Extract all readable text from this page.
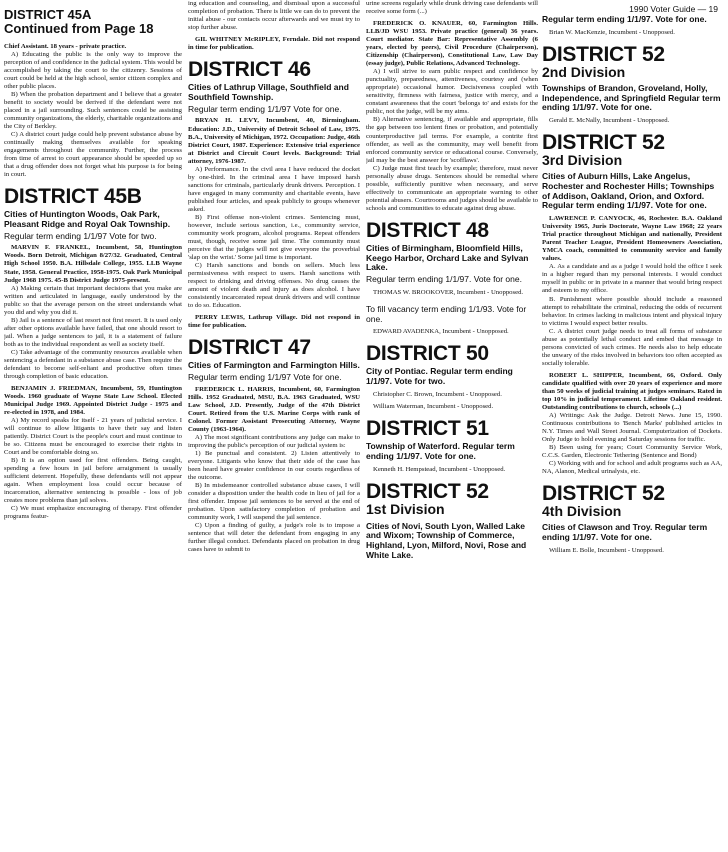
DISTRICT 45A
Continued from Page 18

Chief Assistant. 18 years - private practice.

A) Educating the public is the only way to improve the perception of and confidence in the judicial system. This would be accomplished by taking the court to the citizenry. Sessions of court could be held at the high school, senior citizen complex and other public places.

B) When the probation department and I believe that a greater benefit to society would be derived if the defendant were not placed in a jail surrounding. Such sentences could be assisting community organizations, the elderly, charitable organizations and the City of Berkley.

C) A district court judge could help prevent substance abuse by continually making themselves available for speaking engagements throughout the community. Further, the process from time of arrest to court appearance should be speeded up so that a drug offender does not forget what his purpose is for being in court.

DISTRICT 45B
Cities of Huntington Woods, Oak Park, Pleasant Ridge and Royal Oak Township.
Regular term ending 1/1/97 Vote for two.

MARVIN F. FRANKEL, Incumbent, 58, Huntington Woods. Born Detroit, Michigan 8/27/32. Graduated, Central High School 1950. B.A. Hillsdale College, 1955. LLB Wayne State, 1958. General Practice, 1958-1975. Oak Park Municipal Judge 1968 1975. 45-B District Judge 1975-present.

A) Making certain that important decisions that you make are written and articulated in language, easily understood by the public so that the average person on the street understands what you did and why you did it.

B) Jail is a sentence of last resort not first resort. It is used only after other options available have failed, that one should resort to jail. When a judge sentences to jail, it is a statement of failure both as to the individual respondent as well as society itself.

C) Take advantage of the community resources available when sentencing a defendant in a substance abuse case. Then require the defendant to become self-reliant and productive often times through completion of basic education.

BENJAMIN J. FRIEDMAN, Incumbent, 59, Huntington Woods. 1960 graduate of Wayne State Law School. Elected Municipal Judge 1969. Appointed District Judge - 1975 and re-elected in 1978, and 1984.

A) My record speaks for itself - 21 years of judicial service. I will continue to allow litigants to have their say and listen patiently. District Court is the people's court and must continue to be so. Citizens must be encouraged to exercise their rights in Court and be comfortable doing so.

B) It is an option used for first offenders. Being caught, spending a few hours in jail before arraignment is usually sufficient deterrent. Hopefully, these defendants will not appear again. When employment loss could occur because of incarceration, alternative sentencing is possible - loss of job creates more problems than jail solves.

C) We must emphasize encouraging of therapy. First offender programs featur-

ing education and counseling, and dismissal upon a successful completion of probation. There is little we can do to prevent the initial abuse - our contacts occur afterwards and we must try to stop further abuse.

GIL WHITNEY McRIPLEY, Ferndale. Did not respond in time for publication.

DISTRICT 46
Cities of Lathrup Village, Southfield and Southfield Township.
Regular term ending 1/1/97 Vote for one.

BRYAN H. LEVY, Incumbent, 40, Birmingham. Education: J.D., University of Detroit School of Law, 1975. B.A., University of Michigan, 1972. Occupation: Judge, 46th District Court, 1987. Experience: Extensive trial experience at District and Circuit Court levels. Background: Trial attorney, 1976-1987.

A) Performance. In the civil area I have reduced the docket by one-third. In the criminal area I have imposed harsh sanctions for criminals, particularly drunk drivers. Perception. I have engaged in many community and charitable events, have published four articles, and speak publicly to groups whenever asked.

B) First offense non-violent crimes. Sentencing must, however, include serious sanction, i.e., community service, community work program, alcohol programs. Repeat offenders must, though, receive some jail time. The community must perceive that the judges will not give everyone the proverbial 'slap on the wrist.' Some jail time is important.

C) Harsh sanctions and bonds on sellers. Much less permissiveness with respect to users. Harsh sanctions with respect to drinking and driving offenses. No drug causes the amount of violent death and injury as does alcohol. I have consistently incarcerated repeat drunk drivers and will continue to do so. Education.

PERRY LEWIS, Lathrup Village. Did not respond in time for publication.

DISTRICT 47
Cities of Farmington and Farmington Hills.
Regular term ending 1/1/97 Vote for one.

FREDERICK L. HARRIS, Incumbent, 60, Farmington Hills. 1952 Graduated, MSU, B.A. 1963 Graduated, WSU Law School, J.D. Presently, Judge of the 47th District Court. Retired from the U.S. Marine Corps with rank of Colonel. Former Assistant Prosecuting Attorney, Wayne County (1963-1964).

A) The most significant contributions any judge can make to improving the public's perception of our judicial system is:

1) Be punctual and consistent. 2) Listen attentively to everyone. Litigants who know that their side of the case has been heard have greater confidence in our courts regardless of the outcome.

B) In misdemeanor controlled substance abuse cases, I will consider a disposition under the health code in lieu of jail for a first offender. Impose jail sentences to be served at the end of probation. Upon satisfactory completion of probation and community work, I will suspend the jail sentence.

C) Upon a finding of guilty, a judge's role is to impose a sentence that will deter the defendant from engaging in any further illegal conduct. Defendants placed on probation in drug cases have to submit to

urine screens regularly while drunk driving case defendants will receive some form (...)

FREDERICK O. KNAUER, 60, Farmington Hills. LLB/JD WSU 1953. Private practice (general) 36 years. Court mediator. State Bar: Representative Assembly (6 years, elected by peers), Civil Procedure (Chairperson), Citizenship (Chairperson), Constitutional Law, Law Day (essay judge), Public Relations, Advanced Technology.

A) I will strive to earn public respect and confidence by punctuality, preparedness, attentiveness, courtesy and (when appropriate) occasional humor. Decisiveness coupled with sensitivity, firmness with fairness, justice with mercy, and a constant awareness that the court 'belongs to' and exists for the public, not the judge, will be my aims.

B) Alternative sentencing, if available and appropriate, fills the gap between too lenient fines or probation, and potentially counterproductive jail terms. For example, a contrite first offender, as well as the community, may well benefit from enforced community service or educational course. Conversely, jail may be the best answer for 'scofflaws'.

C) Judge must first teach by example; therefore, must never personally abuse drugs. Sentences should be remedial where possible, sufficiently punitive when necessary, and serve effectively to communicate an appropriate warning to other potential abusers. Courtrooms and judges should be available to schools and communities to educate against drug abuse.

DISTRICT 48
Cities of Birmingham, Bloomfield Hills, Keego Harbor, Orchard Lake and Sylvan Lake.
Regular term ending 1/1/97. Vote for one.

THOMAS W. BROOKOVER, Incumbent - Unopposed.

To fill vacancy term ending 1/1/93. Vote for one.

EDWARD AVADENKA, Incumbent - Unopposed.

DISTRICT 50
City of Pontiac. Regular term ending 1/1/97. Vote for two.

Christopher C. Brown, Incumbent - Unopposed.

William Waterman, Incumbent - Unopposed.

DISTRICT 51
Township of Waterford. Regular term ending 1/1/97. Vote for one.

Kenneth H. Hempstead, Incumbent - Unopposed.

DISTRICT 52
1st Division
Cities of Novi, South Lyon, Walled Lake and Wixom; Township of Commerce, Highland, Lyon, Milford, Novi, Rose and White Lake.
1990 Voter Guide — 19
Regular term ending 1/1/97. Vote for one.

Brian W. MacKenzie, Incumbent - Unopposed.

DISTRICT 52
2nd Division
Townships of Brandon, Groveland, Holly, Independence, and Springfield Regular term ending 1/1/97. Vote for one.

Gerald E. McNally, Incumbent - Unopposed.

DISTRICT 52
3rd Division
Cities of Auburn Hills, Lake Angelus, Rochester and Rochester Hills; Townships of Addison, Oakland, Orion, and Oxford. Regular term ending 1/1/97. Vote for one.

LAWRENCE P. CANYOCK, 46, Rochester. B.A. Oakland University 1965, Juris Doctorate, Wayne Law 1968; 22 years Trial practice throughout Michigan and nationally, President Parent Teacher League, President Homeowners Association, YMCA coach, committed to community service and family values.

A. As a candidate and as a judge I would hold the office I seek in a higher regard than my personal interests. I would conduct myself in public or in private in a manner that would bring respect and esteem to my office.

B. Punishment where possible should include a reasoned attempt to rehabilitate the criminal, reducing the odds of recurrent behavior. In crimes lacking in malicious intent and physical injury to victims I would expect better results.

C. A district court judge needs to treat all forms of substance abuse as potentially lethal conduct and embed that message in persons convicted of such crimes. He needs also to help educate the unwary of the risks involved in behaviors too often accepted as socially tolerable.

ROBERT L. SHIPPER, Incumbent, 66, Oxford. Only candidate qualified with over 20 years of experience and more than 50 weeks of judicial training at judges seminars. Rated in top 10% in judicial temperament. Lifetime Oakland resident. Outstanding contributions to church, schools (...)

A) Writings: Ask the Judge. Detroit News. June 15, 1990. Continuous contributions to 'Bench Marks' published articles in N.Y. Times and Wall Street Journal. Computerization of Dockets. Only Judge to hold evening and Saturday sessions for traffic.

B) Been using for years; Court Community Service Work, C.C.S. Garden, Electronic Tethering (Sentence and Bond)

C) Working with and for school and adult programs such as AA, NA, Alanon, Medical urinalysis, etc.

DISTRICT 52
4th Division
Cities of Clawson and Troy. Regular term ending 1/1/97. Vote for one.

William E. Bolle, Incumbent - Unopposed.
